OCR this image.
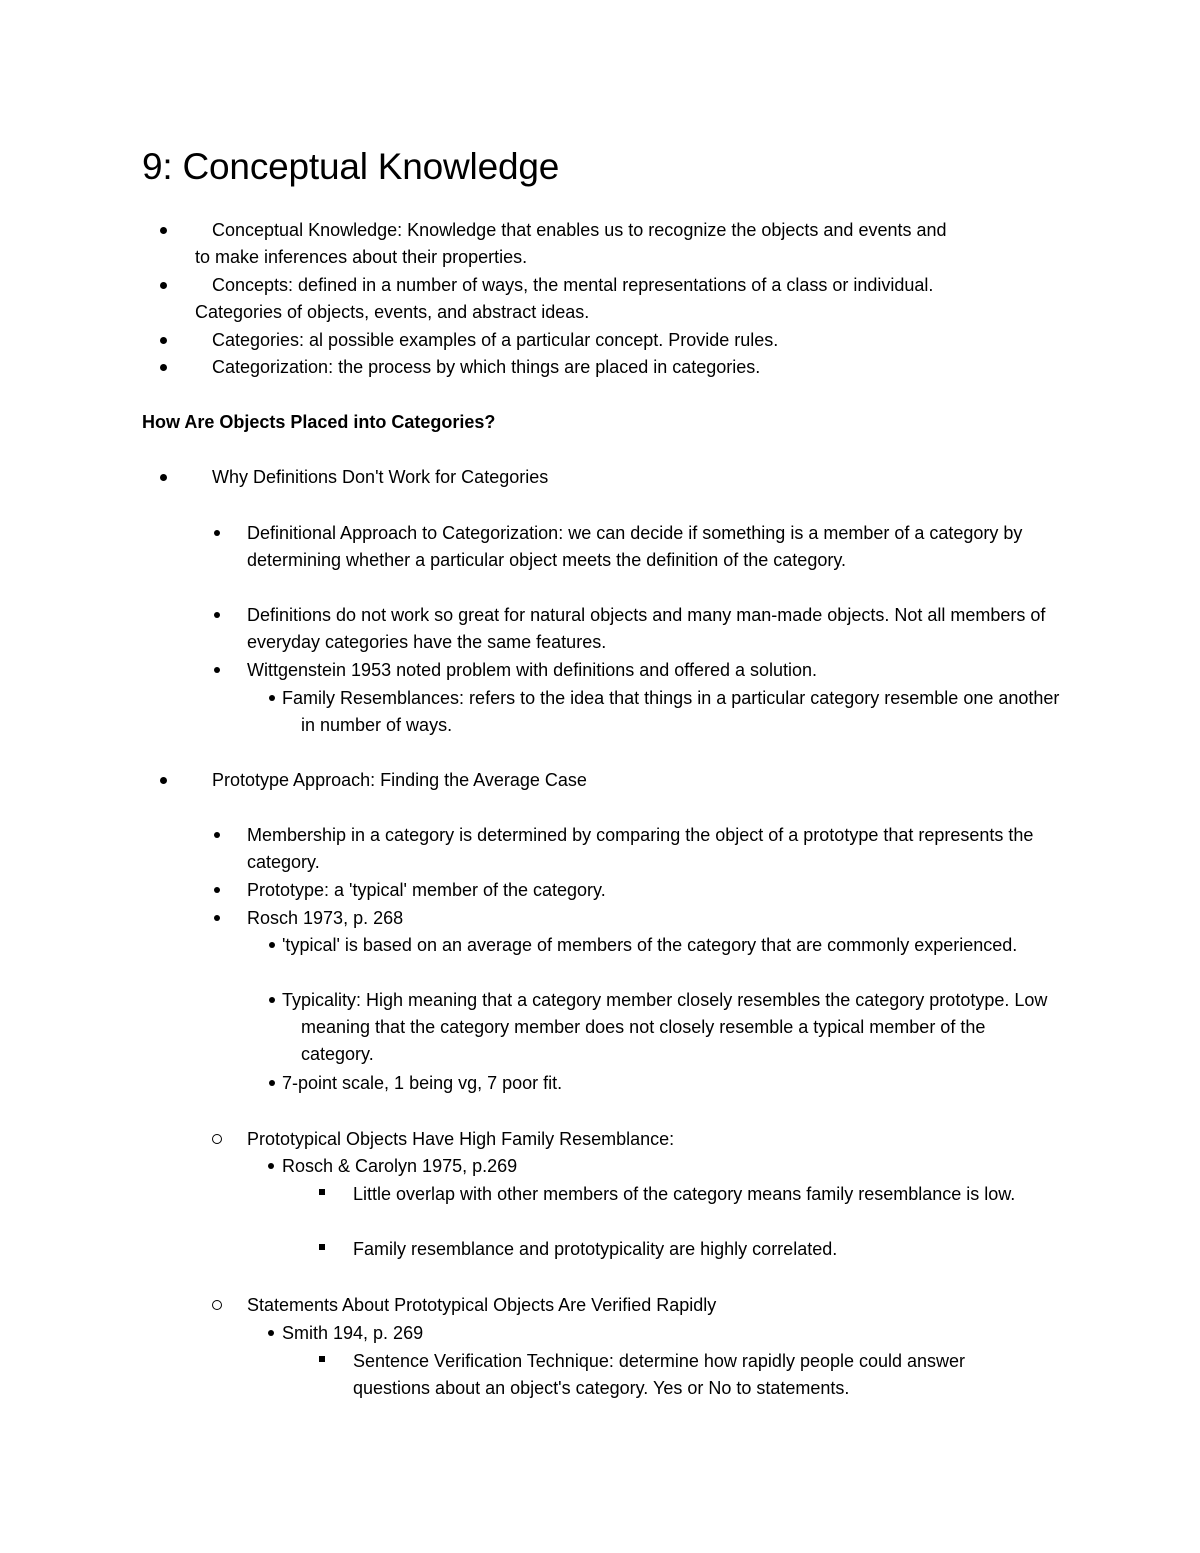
9: Conceptual Knowledge
Conceptual Knowledge: Knowledge that enables us to recognize the objects and events and
to make inferences about their properties.
Concepts: defined in a number of ways, the mental representations of a class or individual.
Categories of objects, events, and abstract ideas.
Categories: al possible examples of a particular concept. Provide rules.
Categorization: the process by which things are placed in categories.
How Are Objects Placed into Categories?
Why Definitions Don't Work for Categories
Definitional Approach to Categorization: we can decide if something is a member of a category by determining whether a particular object meets the definition of the category.
Definitions do not work so great for natural objects and many man-made objects. Not all members of everyday categories have the same features.
Wittgenstein 1953 noted problem with definitions and offered a solution.
Family Resemblances: refers to the idea that things in a particular category resemble one another in number of ways.
Prototype Approach: Finding the Average Case
Membership in a category is determined by comparing the object of a prototype that represents the category.
Prototype: a 'typical' member of the category.
Rosch 1973, p. 268
'typical' is based on an average of members of the category that are commonly experienced.
Typicality: High meaning that a category member closely resembles the category prototype. Low meaning that the category member does not closely resemble a typical member of the category.
7-point scale, 1 being vg, 7 poor fit.
Prototypical Objects Have High Family Resemblance:
Rosch & Carolyn 1975, p.269
Little overlap with other members of the category means family resemblance is low.
Family resemblance and prototypicality are highly correlated.
Statements About Prototypical Objects Are Verified Rapidly
Smith 194, p. 269
Sentence Verification Technique: determine how rapidly people could answer questions about an object's category. Yes or No to statements.
